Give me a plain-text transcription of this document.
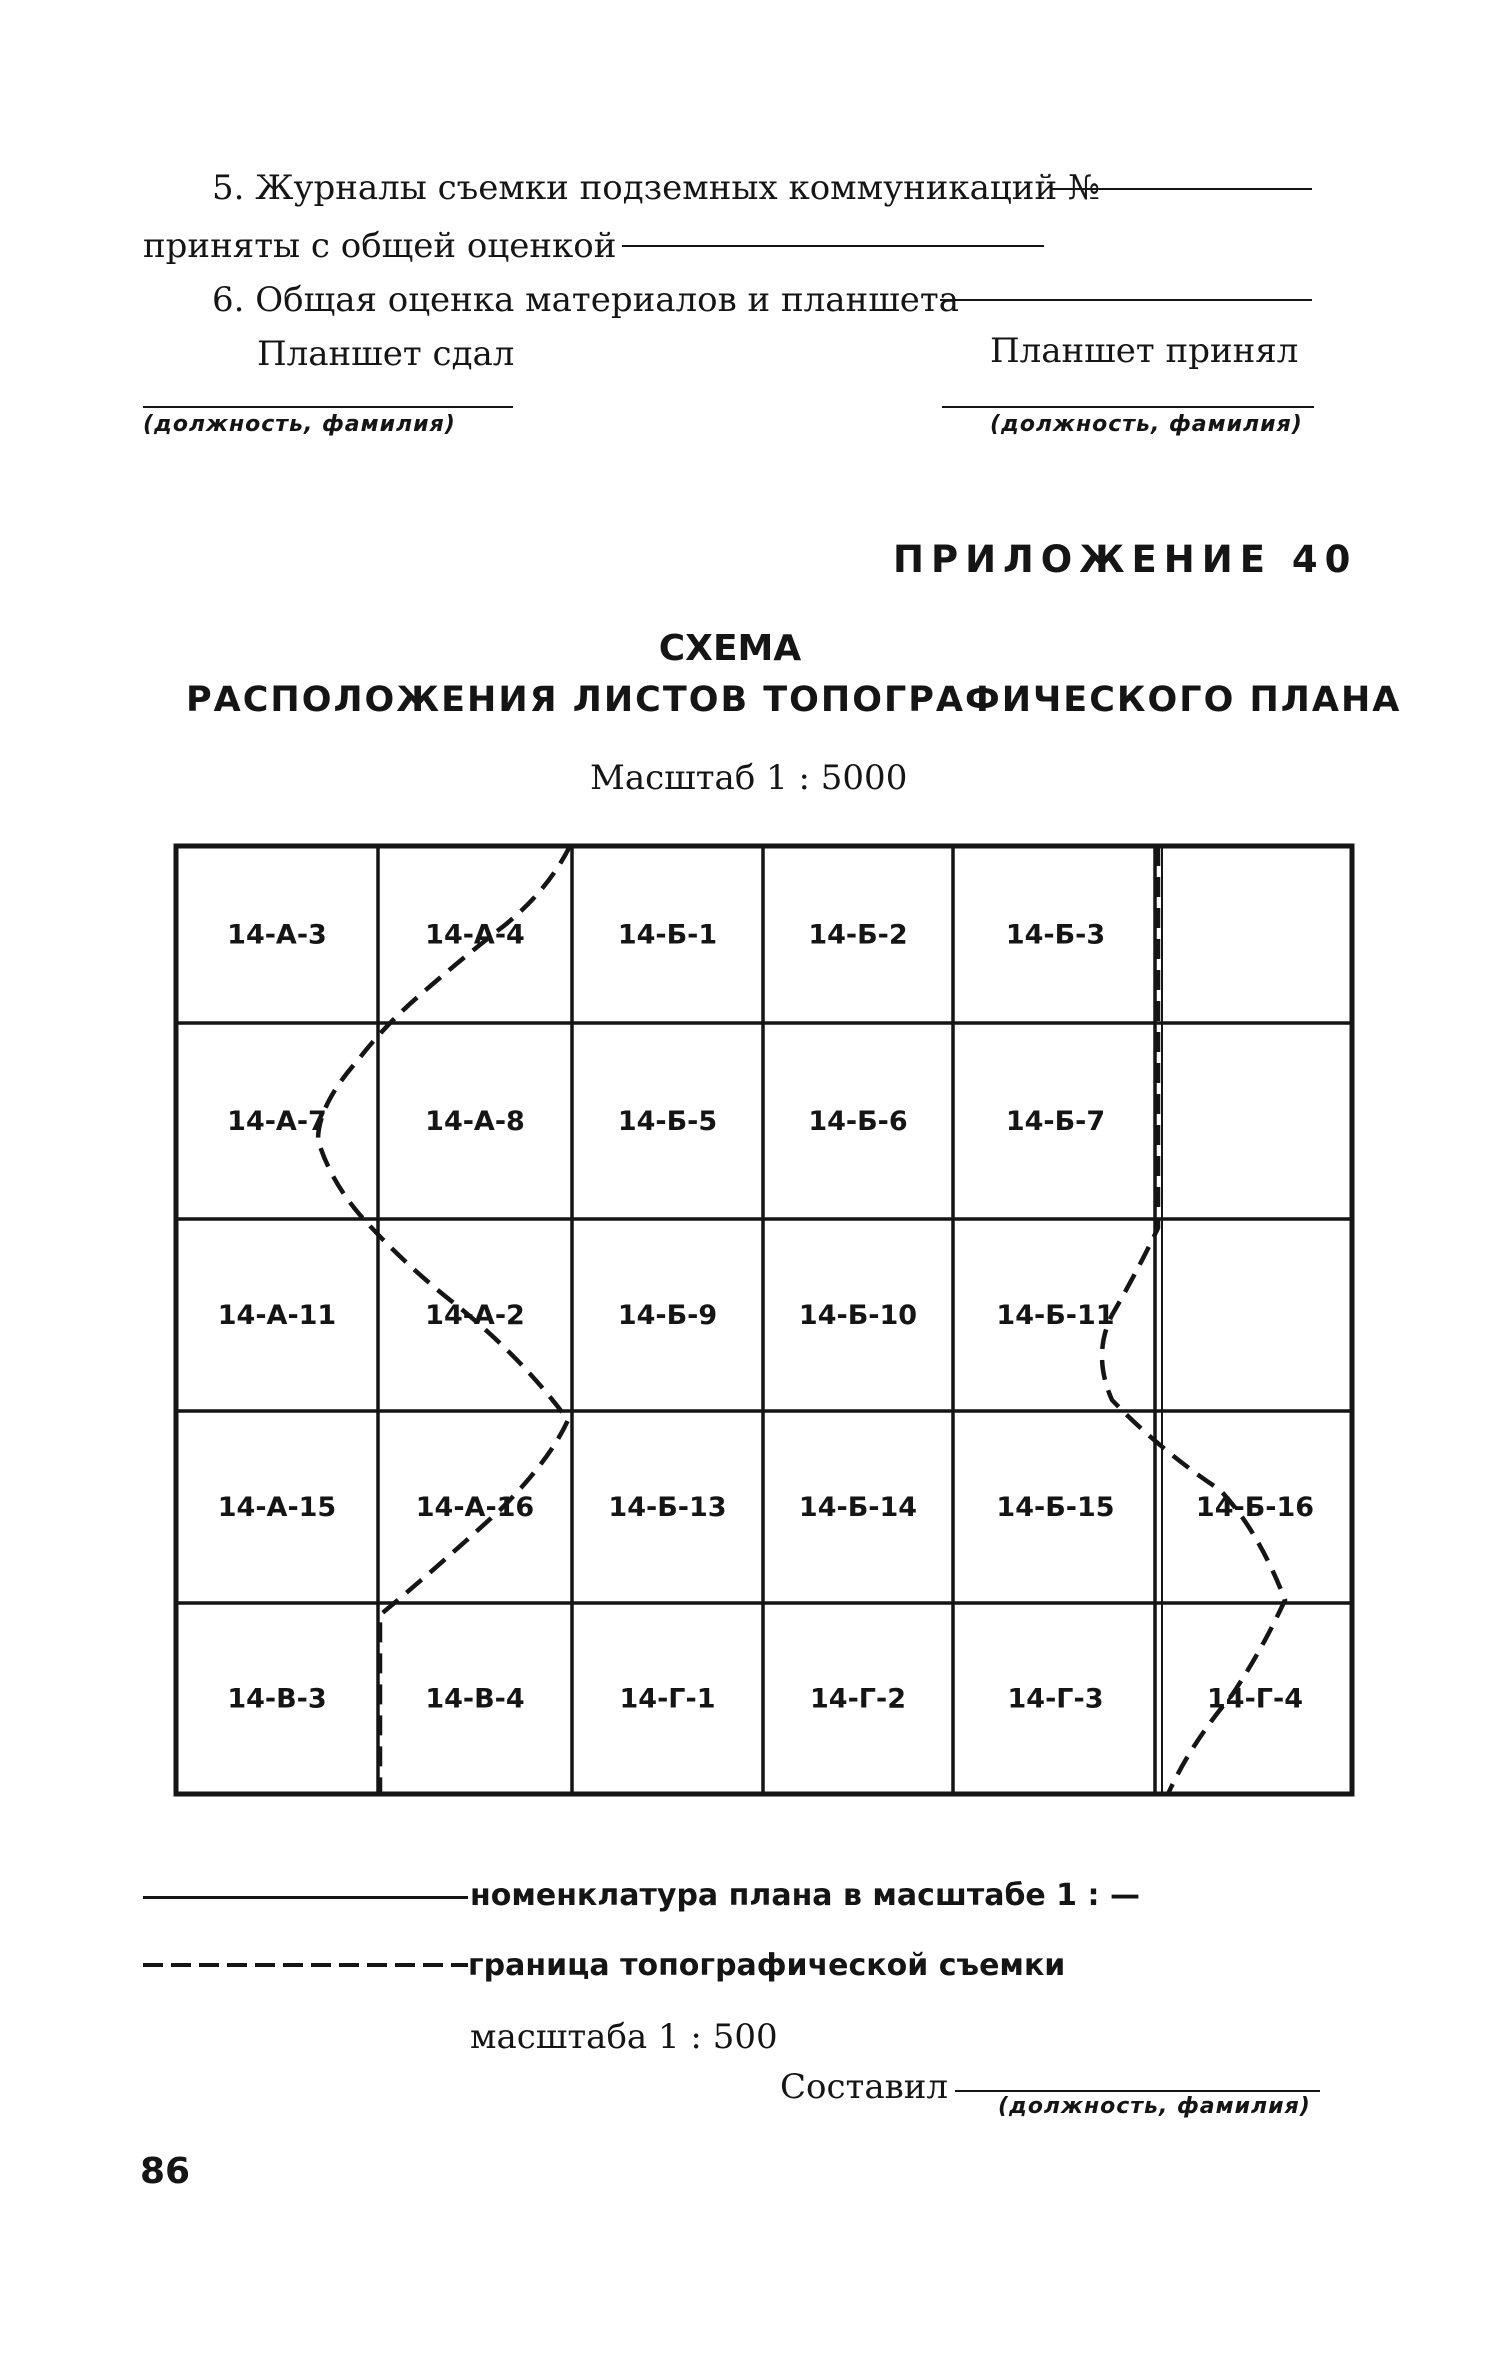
5. Журналы съемки подземных коммуникаций №
приняты с общей оценкой
6. Общая оценка материалов и планшета
Планшет сдал	Планшет принял
(должность, фамилия)	(должность, фамилия)
ПРИЛОЖЕНИЕ 40
СХЕМА
РАСПОЛОЖЕНИЯ ЛИСТОВ ТОПОГРАФИЧЕСКОГО ПЛАНА
Масштаб 1 : 5000
14-А-3	14-А-4	14-Б-1	14-Б-2	14-Б-3
14-А-7	14-А-8	14-Б-5	14-Б-6	14-Б-7
14-А-11	14-А-2	14-Б-9	14-Б-10	14-Б-11
14-А-15	14-А-16	14-Б-13	14-Б-14	14-Б-15	14-Б-16
14-В-3	14-В-4	14-Г-1	14-Г-2	14-Г-3	14-Г-4
номенклатура плана в масштабе 1 : —
граница топографической съемки
масштаба 1 : 500
Составил (должность, фамилия)
86
